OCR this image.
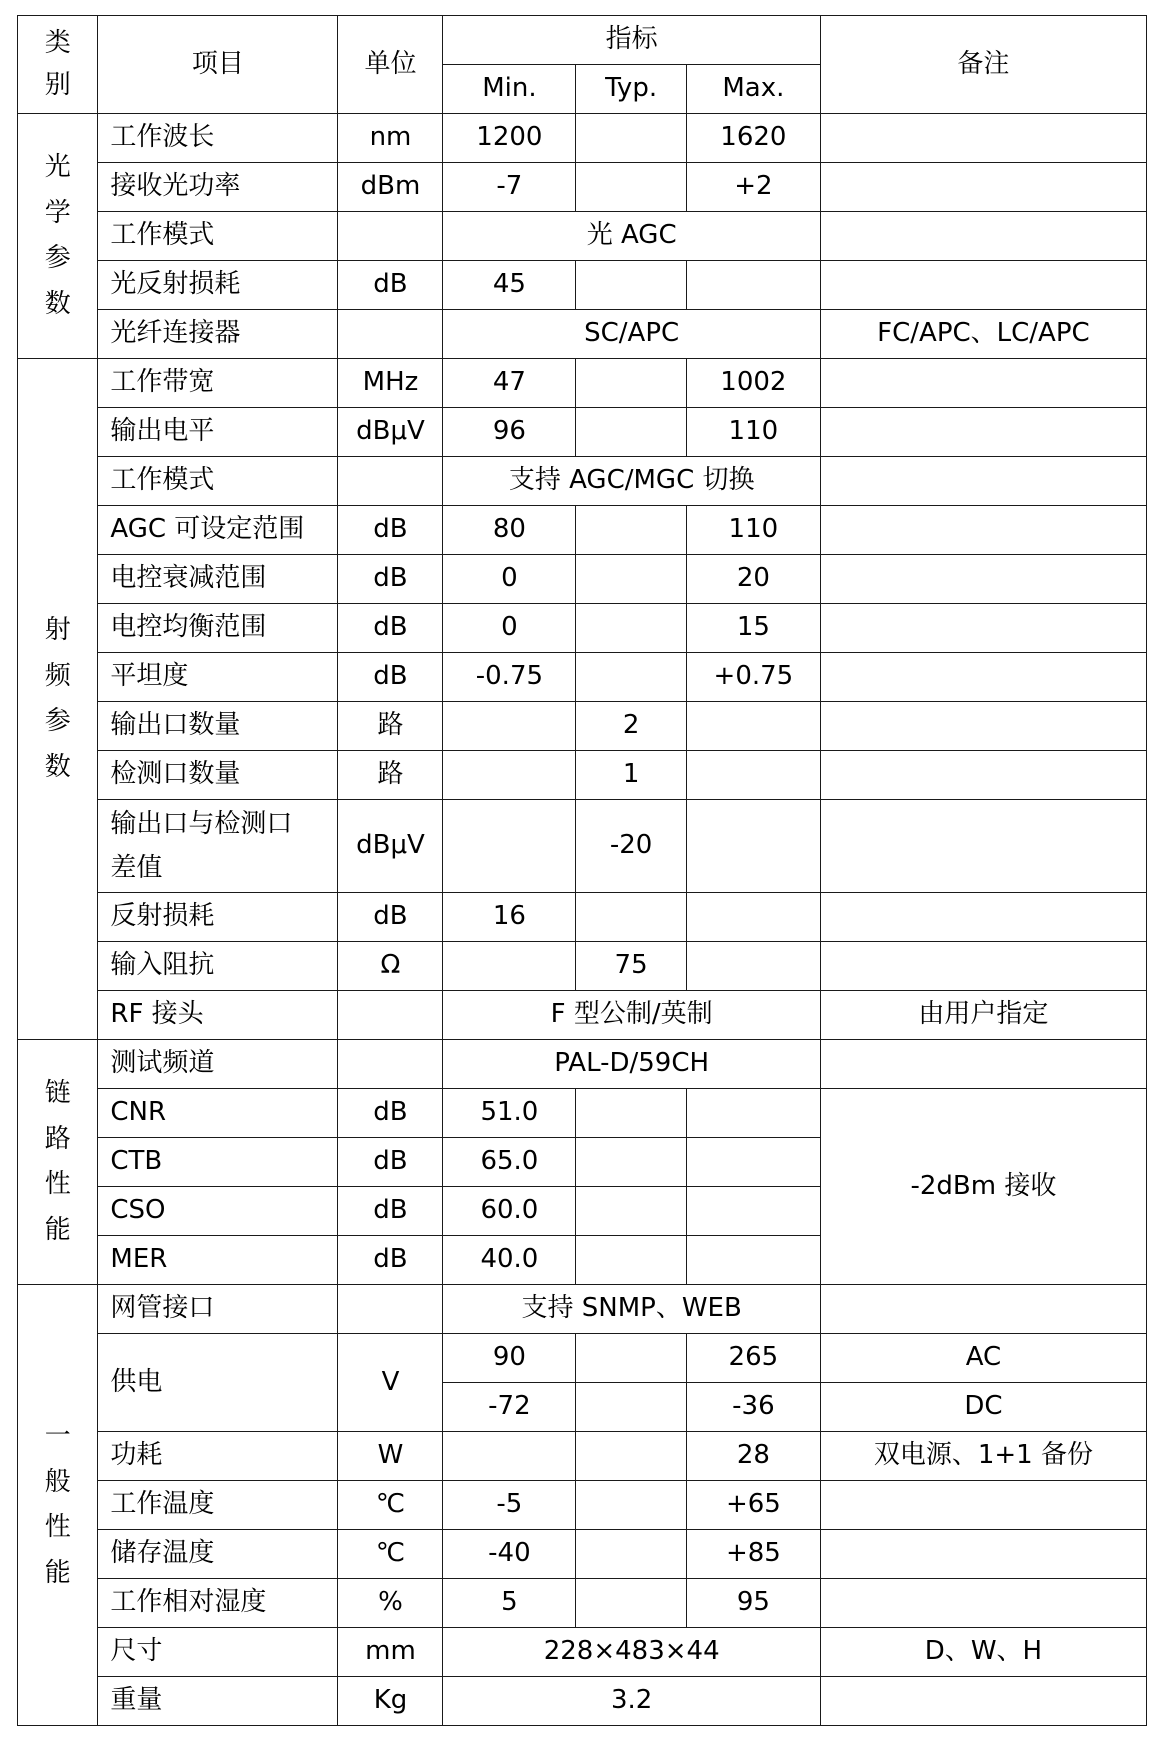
类
别	项目	单位	指标			备注
			Min.	Typ.	Max.	
光
学
参
数	工作波长	nm	1200		1620	
	接收光功率	dBm	-7		+2	
	工作模式		光 AGC			
	光反射损耗	dB	45			
	光纤连接器		SC/APC			FC/APC、LC/APC
射
频
参
数	工作带宽	MHz	47		1002	
	输出电平	dBμV	96		110	
	工作模式		支持 AGC/MGC 切换			
	AGC 可设定范围	dB	80		110	
	电控衰减范围	dB	0		20	
	电控均衡范围	dB	0		15	
	平坦度	dB	-0.75		+0.75	
	输出口数量	路		2		
	检测口数量	路		1		
	输出口与检测口
差值	dBμV		-20		
	反射损耗	dB	16			
	输入阻抗	Ω		75		
	RF 接头		F 型公制/英制			由用户指定
链
路
性
能	测试频道		PAL-D/59CH			
	CNR	dB	51.0			-2dBm 接收
	CTB	dB	65.0			
	CSO	dB	60.0			
	MER	dB	40.0			
一
般
性
能	网管接口		支持 SNMP、WEB			
	供电	V	90		265	AC
			-72		-36	DC
	功耗	W			28	双电源、1+1 备份
	工作温度	℃	-5		+65	
	储存温度	℃	-40		+85	
	工作相对湿度	%	5		95	
	尺寸	mm	228×483×44			D、W、H
	重量	Kg	3.2			
